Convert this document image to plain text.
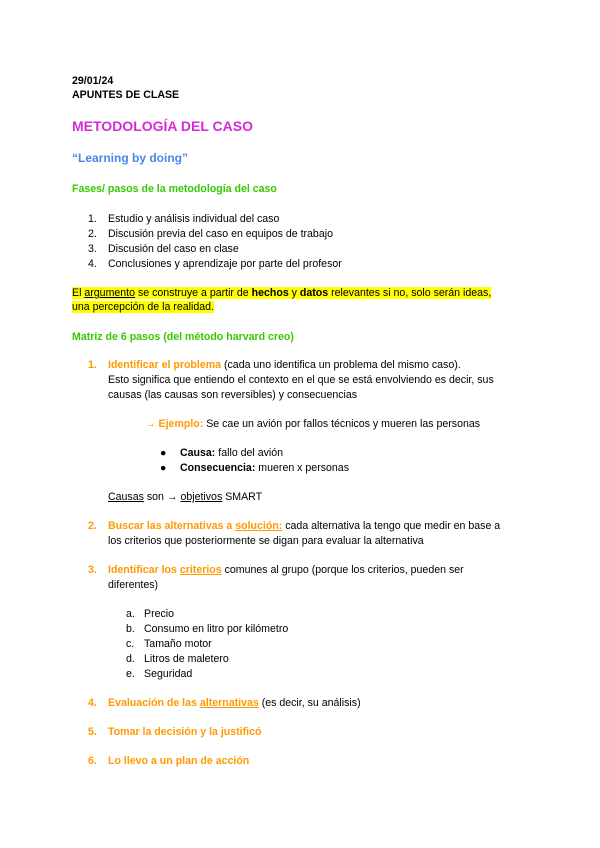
29/01/24
APUNTES DE CLASE
METODOLOGÍA DEL CASO
“Learning by doing”
Fases/ pasos de la metodología del caso
1.	Estudio y análisis individual del caso
2.	Discusión previa del caso en equipos de trabajo
3.	Discusión del caso en clase
4.	Conclusiones y aprendizaje por parte del profesor
El argumento se construye a partir de hechos y datos relevantes si no, solo serán ideas,
una percepción de la realidad.
Matriz de 6 pasos (del método harvard creo)
1.	Identificar el problema (cada uno identifica un problema del mismo caso).
Esto significa que entiendo el contexto en el que se está envolviendo es decir, sus
causas (las causas son reversibles) y consecuencias
→ Ejemplo: Se cae un avión por fallos técnicos y mueren las personas
● Causa: fallo del avión
● Consecuencia: mueren x personas
Causas son → objetivos SMART
2.	Buscar las alternativas a solución: cada alternativa la tengo que medir en base a
los criterios que posteriormente se digan para evaluar la alternativa
3.	Identificar los criterios comunes al grupo (porque los criterios, pueden ser
diferentes)
a. Precio
b. Consumo en litro por kilómetro
c. Tamaño motor
d. Litros de maletero
e. Seguridad
4.	Evaluación de las alternativas (es decir, su análisis)
5.	Tomar la decisión y la justificó
6.	Lo llevo a un plan de acción
